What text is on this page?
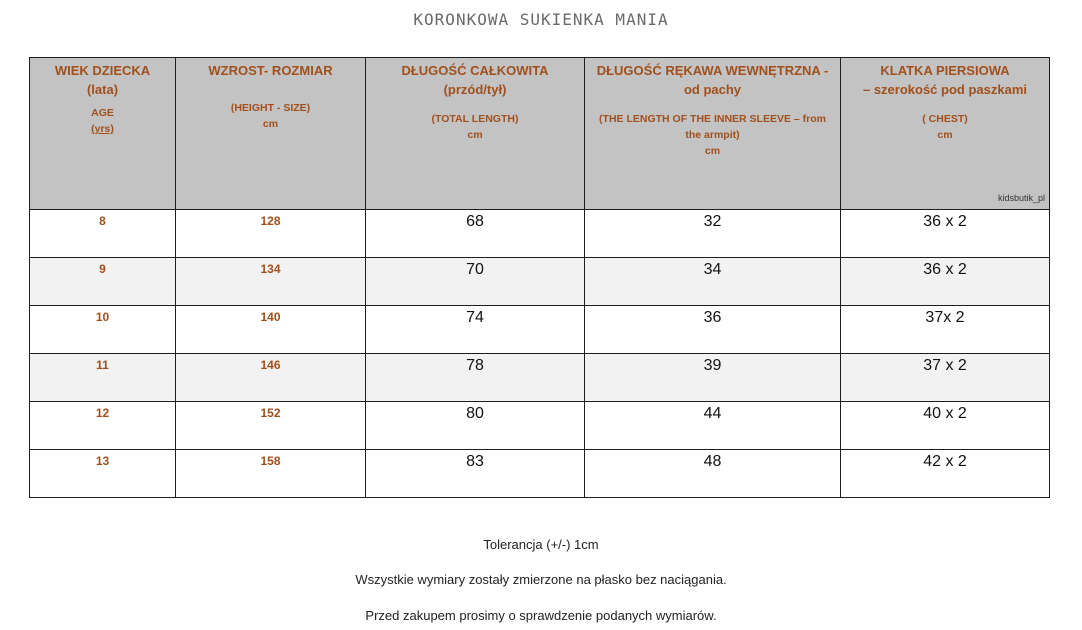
KORONKOWA SUKIENKA MANIA
WIEK DZIECKA
(lata)
AGE
(yrs)	WZROST- ROZMIAR
(HEIGHT - SIZE)
cm	DŁUGOŚĆ CAŁKOWITA
(przód/tył)
(TOTAL LENGTH)
cm	DŁUGOŚĆ RĘKAWA WEWNĘTRZNA -
od pachy
(THE LENGTH OF THE INNER SLEEVE – from
the armpit)
cm	KLATKA PIERSIOWA
– szerokość pod paszkami
( CHEST)
cm
kidsbutik_pl

8	128	68	32	36 x 2

9	134	70	34	36 x 2

10	140	74	36	37x 2

11	146	78	39	37 x 2

12	152	80	44	40 x 2

13	158	83	48	42 x 2
Tolerancja (+/-) 1cm
Wszystkie wymiary zostały zmierzone na płasko bez naciągania.
Przed zakupem prosimy o sprawdzenie podanych wymiarów.
